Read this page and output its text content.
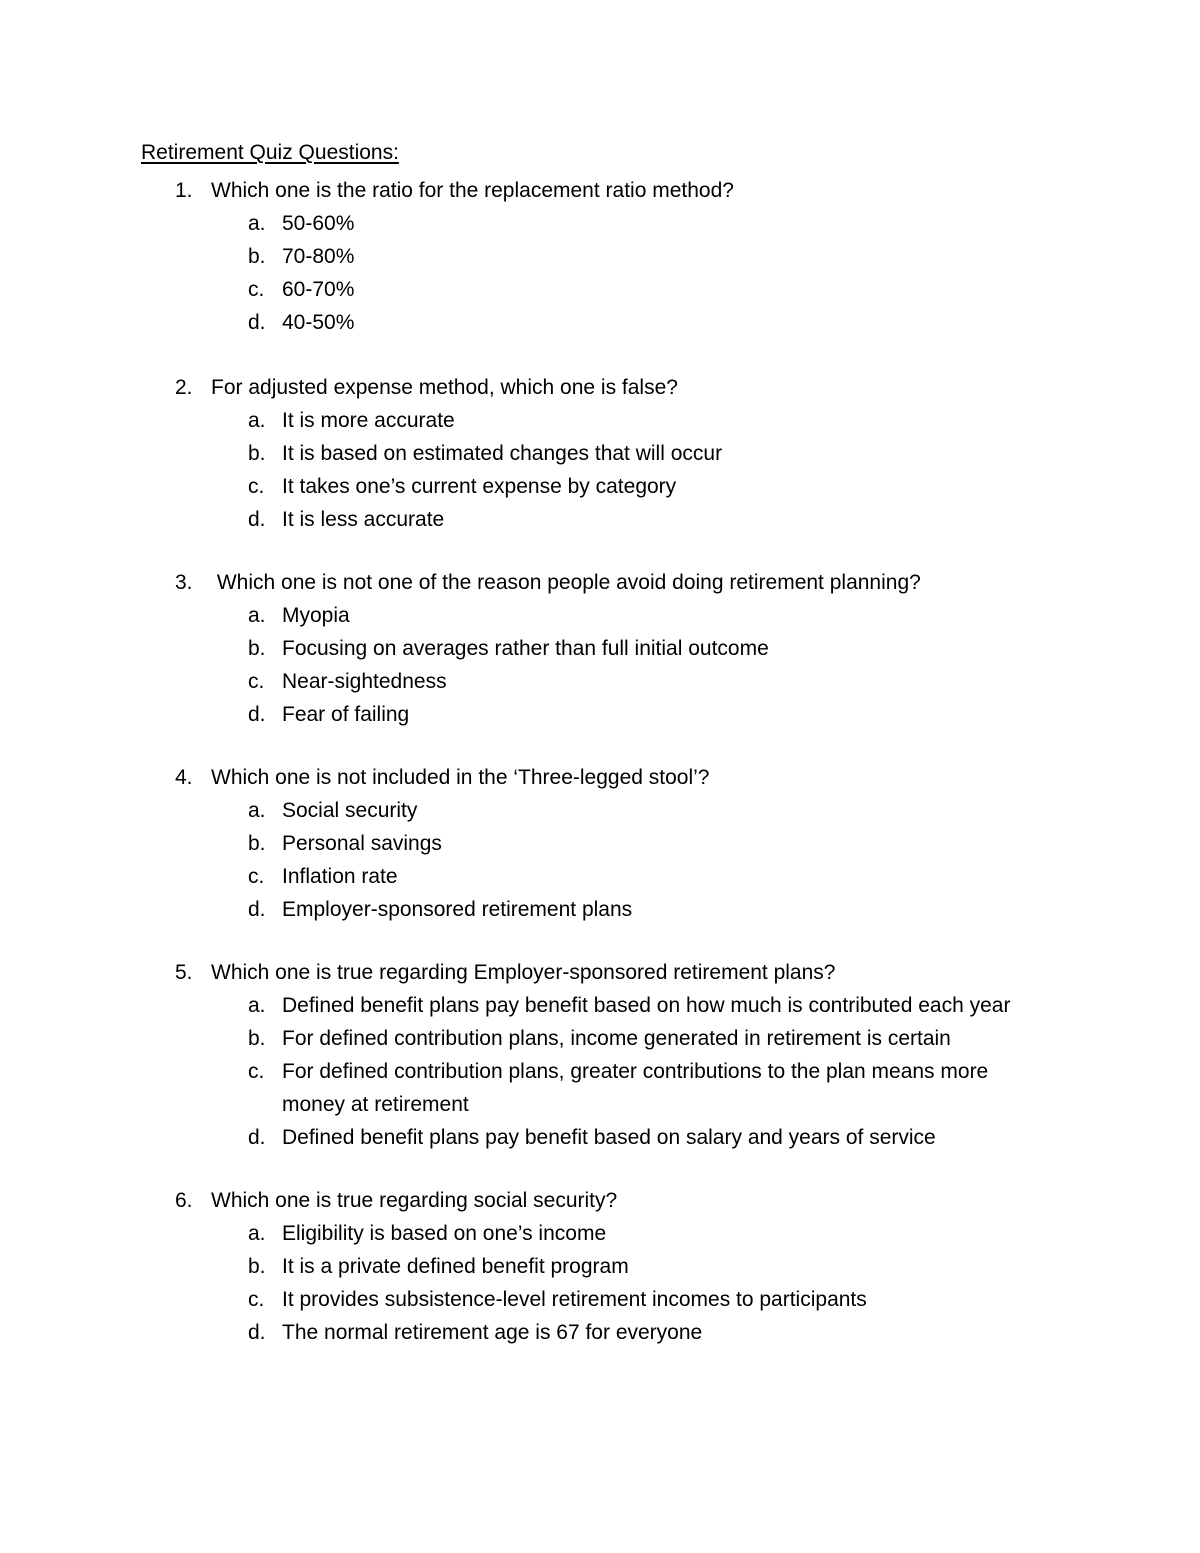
Retirement Quiz Questions:
1. Which one is the ratio for the replacement ratio method?
a. 50-60%
b. 70-80%
c. 60-70%
d. 40-50%
2. For adjusted expense method, which one is false?
a. It is more accurate
b. It is based on estimated changes that will occur
c. It takes one’s current expense by category
d. It is less accurate
3. Which one is not one of the reason people avoid doing retirement planning?
a. Myopia
b. Focusing on averages rather than full initial outcome
c. Near-sightedness
d. Fear of failing
4. Which one is not included in the ‘Three-legged stool’?
a. Social security
b. Personal savings
c. Inflation rate
d. Employer-sponsored retirement plans
5. Which one is true regarding Employer-sponsored retirement plans?
a. Defined benefit plans pay benefit based on how much is contributed each year
b. For defined contribution plans, income generated in retirement is certain
c. For defined contribution plans, greater contributions to the plan means more money at retirement
d. Defined benefit plans pay benefit based on salary and years of service
6. Which one is true regarding social security?
a. Eligibility is based on one’s income
b. It is a private defined benefit program
c. It provides subsistence-level retirement incomes to participants
d. The normal retirement age is 67 for everyone
